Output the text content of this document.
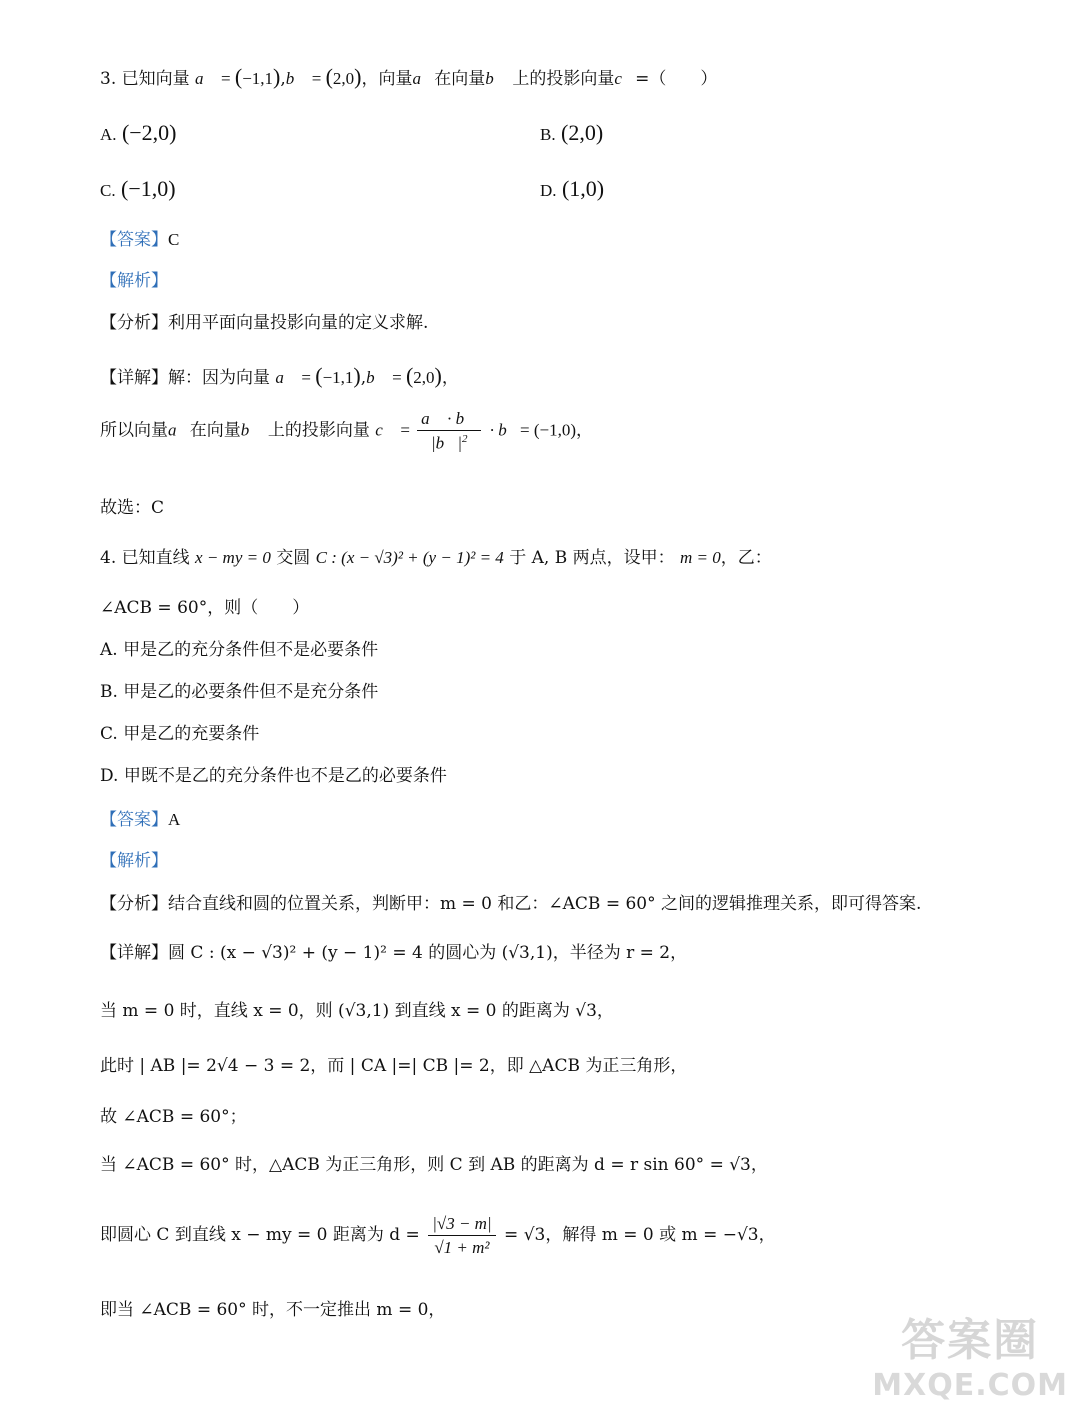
3. 已知向量 a⃗ = (−1,1),b⃗ = (2,0)，向量a⃗在向量b⃗ 上的投影向量c⃗=（　　）
A. (−2,0)	B. (2,0)
C. (−1,0)	D. (1,0)
【答案】C
【解析】
【分析】利用平面向量投影向量的定义求解.
【详解】解：因为向量 a⃗ = (−1,1),b⃗ = (2,0)，
所以向量a⃗在向量b⃗ 上的投影向量 c⃗ = $\frac{a⃗ \cdot b⃗}{|b⃗|^2}$ · b⃗= (−1,0)，
故选：C
4. 已知直线 x − my = 0 交圆 C : (x − √3)² + (y − 1)² = 4 于 A, B 两点，设甲： m = 0，乙：
∠ACB = 60°，则（　　）
A. 甲是乙的充分条件但不是必要条件
B. 甲是乙的必要条件但不是充分条件
C. 甲是乙的充要条件
D. 甲既不是乙的充分条件也不是乙的必要条件
【答案】A
【解析】
【分析】结合直线和圆的位置关系，判断甲：m = 0 和乙：∠ACB = 60° 之间的逻辑推理关系，即可得答案.
【详解】圆 C : (x − √3)² + (y − 1)² = 4 的圆心为 (√3,1)，半径为 r = 2，
当 m = 0 时，直线 x = 0，则 (√3,1) 到直线 x = 0 的距离为 √3，
此时 | AB |= 2√4 − 3 = 2，而 | CA |=| CB |= 2，即 △ACB 为正三角形，
故 ∠ACB = 60°；
当 ∠ACB = 60° 时，△ACB 为正三角形，则 C 到 AB 的距离为 d = r sin 60° = √3，
即圆心 C 到直线 x − my = 0 距离为 $d = \frac{|√3 - m|}{\text{√1 + m²}} = √3$，解得 m = 0 或 m = −√3，
即当 ∠ACB = 60° 时，不一定推出 m = 0，
答案圈
MXQE.COM
